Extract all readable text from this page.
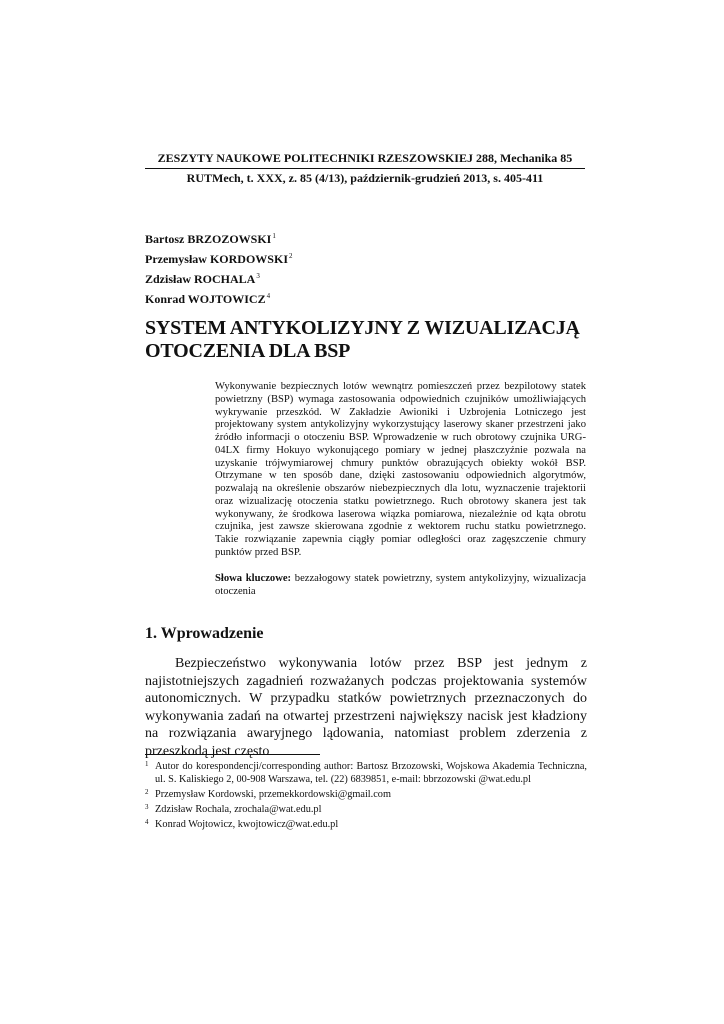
ZESZYTY NAUKOWE POLITECHNIKI RZESZOWSKIEJ 288, Mechanika 85
RUTMech, t. XXX, z. 85 (4/13), październik-grudzień 2013, s. 405-411
Bartosz BRZOZOWSKI$^1$
Przemysław KORDOWSKI$^2$
Zdzisław ROCHALA$^3$
Konrad WOJTOWICZ$^4$
SYSTEM ANTYKOLIZYJNY Z WIZUALIZACJĄ
OTOCZENIA DLA BSP
Wykonywanie bezpiecznych lotów wewnątrz pomieszczeń przez bezpilotowy statek powietrzny (BSP) wymaga zastosowania odpowiednich czujników umożliwiających wykrywanie przeszkód. W Zakładzie Awioniki i Uzbrojenia Lotniczego jest projektowany system antykolizyjny wykorzystujący laserowy skaner przestrzeni jako źródło informacji o otoczeniu BSP. Wprowadzenie w ruch obrotowy czujnika URG-04LX firmy Hokuyo wykonującego pomiary w jednej płaszczyźnie pozwala na uzyskanie trójwymiarowej chmury punktów obrazujących obiekty wokół BSP. Otrzymane w ten sposób dane, dzięki zastosowaniu odpowiednich algorytmów, pozwalają na określenie obszarów niebezpiecznych dla lotu, wyznaczenie trajektorii oraz wizualizację otoczenia statku powietrznego. Ruch obrotowy skanera jest tak wykonywany, że środkowa laserowa wiązka pomiarowa, niezależnie od kąta obrotu czujnika, jest zawsze skierowana zgodnie z wektorem ruchu statku powietrznego. Takie rozwiązanie zapewnia ciągły pomiar odległości oraz zagęszczenie chmury punktów przed BSP.
Słowa kluczowe: bezzałogowy statek powietrzny, system antykolizyjny, wizualizacja otoczenia
1. Wprowadzenie
Bezpieczeństwo wykonywania lotów przez BSP jest jednym z najistotniejszych zagadnień rozważanych podczas projektowania systemów autonomicznych. W przypadku statków powietrznych przeznaczonych do wykonywania zadań na otwartej przestrzeni największy nacisk jest kładziony na rozwiązania awaryjnego lądowania, natomiast problem zderzenia z przeszkodą jest często
1 Autor do korespondencji/corresponding author: Bartosz Brzozowski, Wojskowa Akademia Techniczna, ul. S. Kaliskiego 2, 00-908 Warszawa, tel. (22) 6839851, e-mail: bbrzozowski @wat.edu.pl
2 Przemysław Kordowski, przemekkordowski@gmail.com
3 Zdzisław Rochala, zrochala@wat.edu.pl
4 Konrad Wojtowicz, kwojtowicz@wat.edu.pl
